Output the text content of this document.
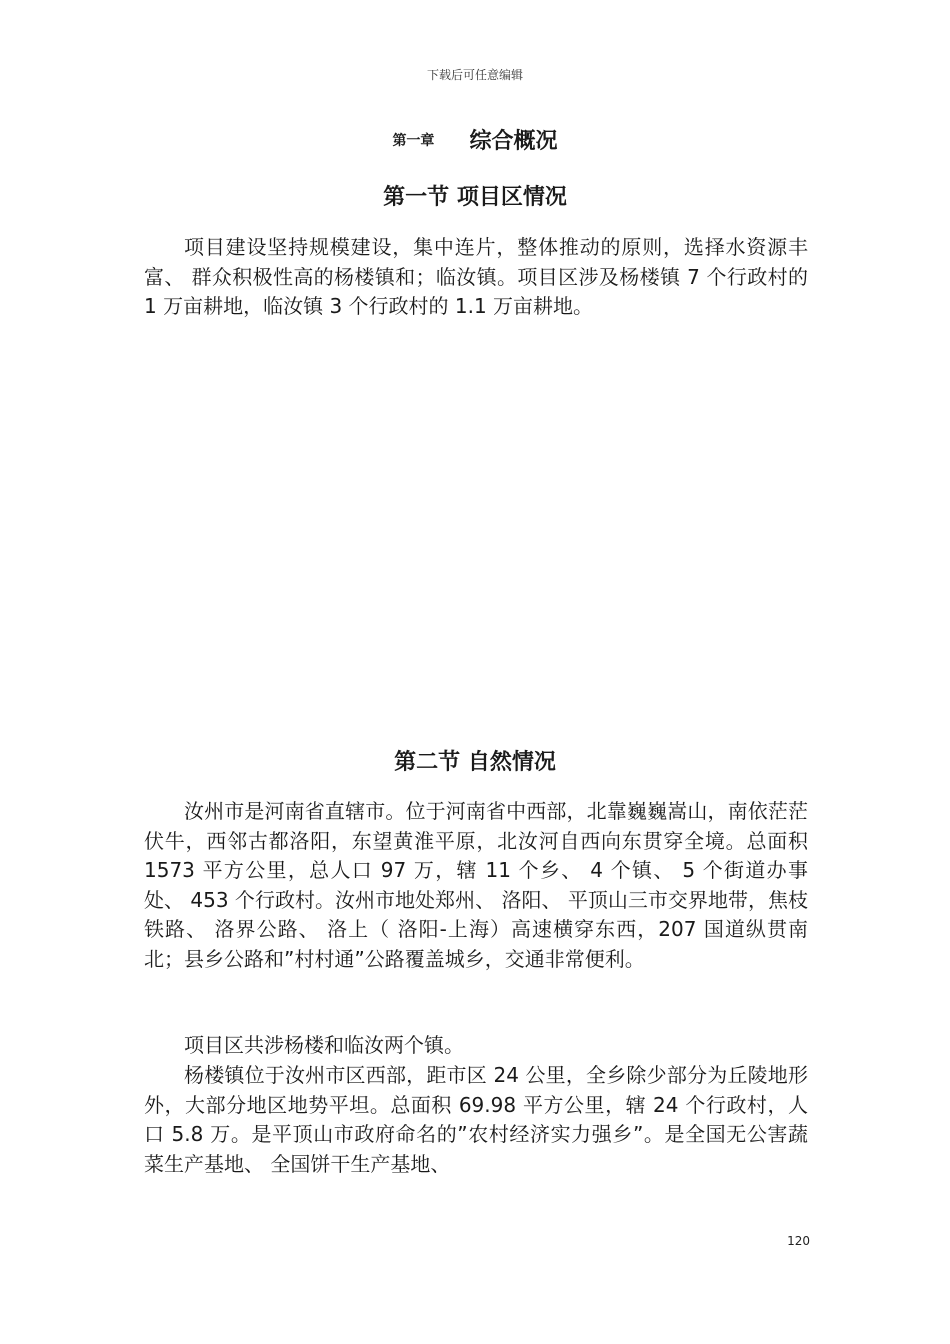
下载后可任意编辑
第一章 综合概况
第一节 项目区情况

项目建设坚持规模建设，集中连片，整体推动的原则，选择水资源丰富、 群众积极性高的杨楼镇和；临汝镇。项目区涉及杨楼镇 7 个行政村的 1 万亩耕地，临汝镇 3 个行政村的 1.1 万亩耕地。

第二节 自然情况

汝州市是河南省直辖市。位于河南省中西部，北靠巍巍嵩山，南依茫茫伏牛，西邻古都洛阳，东望黄淮平原，北汝河自西向东贯穿全境。总面积 1573 平方公里，总人口 97 万，辖 11 个乡、 4 个镇、 5 个街道办事处、 453 个行政村。汝州市地处郑州、 洛阳、 平顶山三市交界地带，焦枝铁路、 洛界公路、 洛上（ 洛阳-上海）高速横穿东西，207 国道纵贯南北；县乡公路和”村村通”公路覆盖城乡，交通非常便利。

项目区共涉杨楼和临汝两个镇。

杨楼镇位于汝州市区西部，距市区 24 公里，全乡除少部分为丘陵地形外，大部分地区地势平坦。总面积 69.98 平方公里，辖 24 个行政村，人口 5.8 万。是平顶山市政府命名的”农村经济实力强乡”。是全国无公害蔬菜生产基地、 全国饼干生产基地、

120
